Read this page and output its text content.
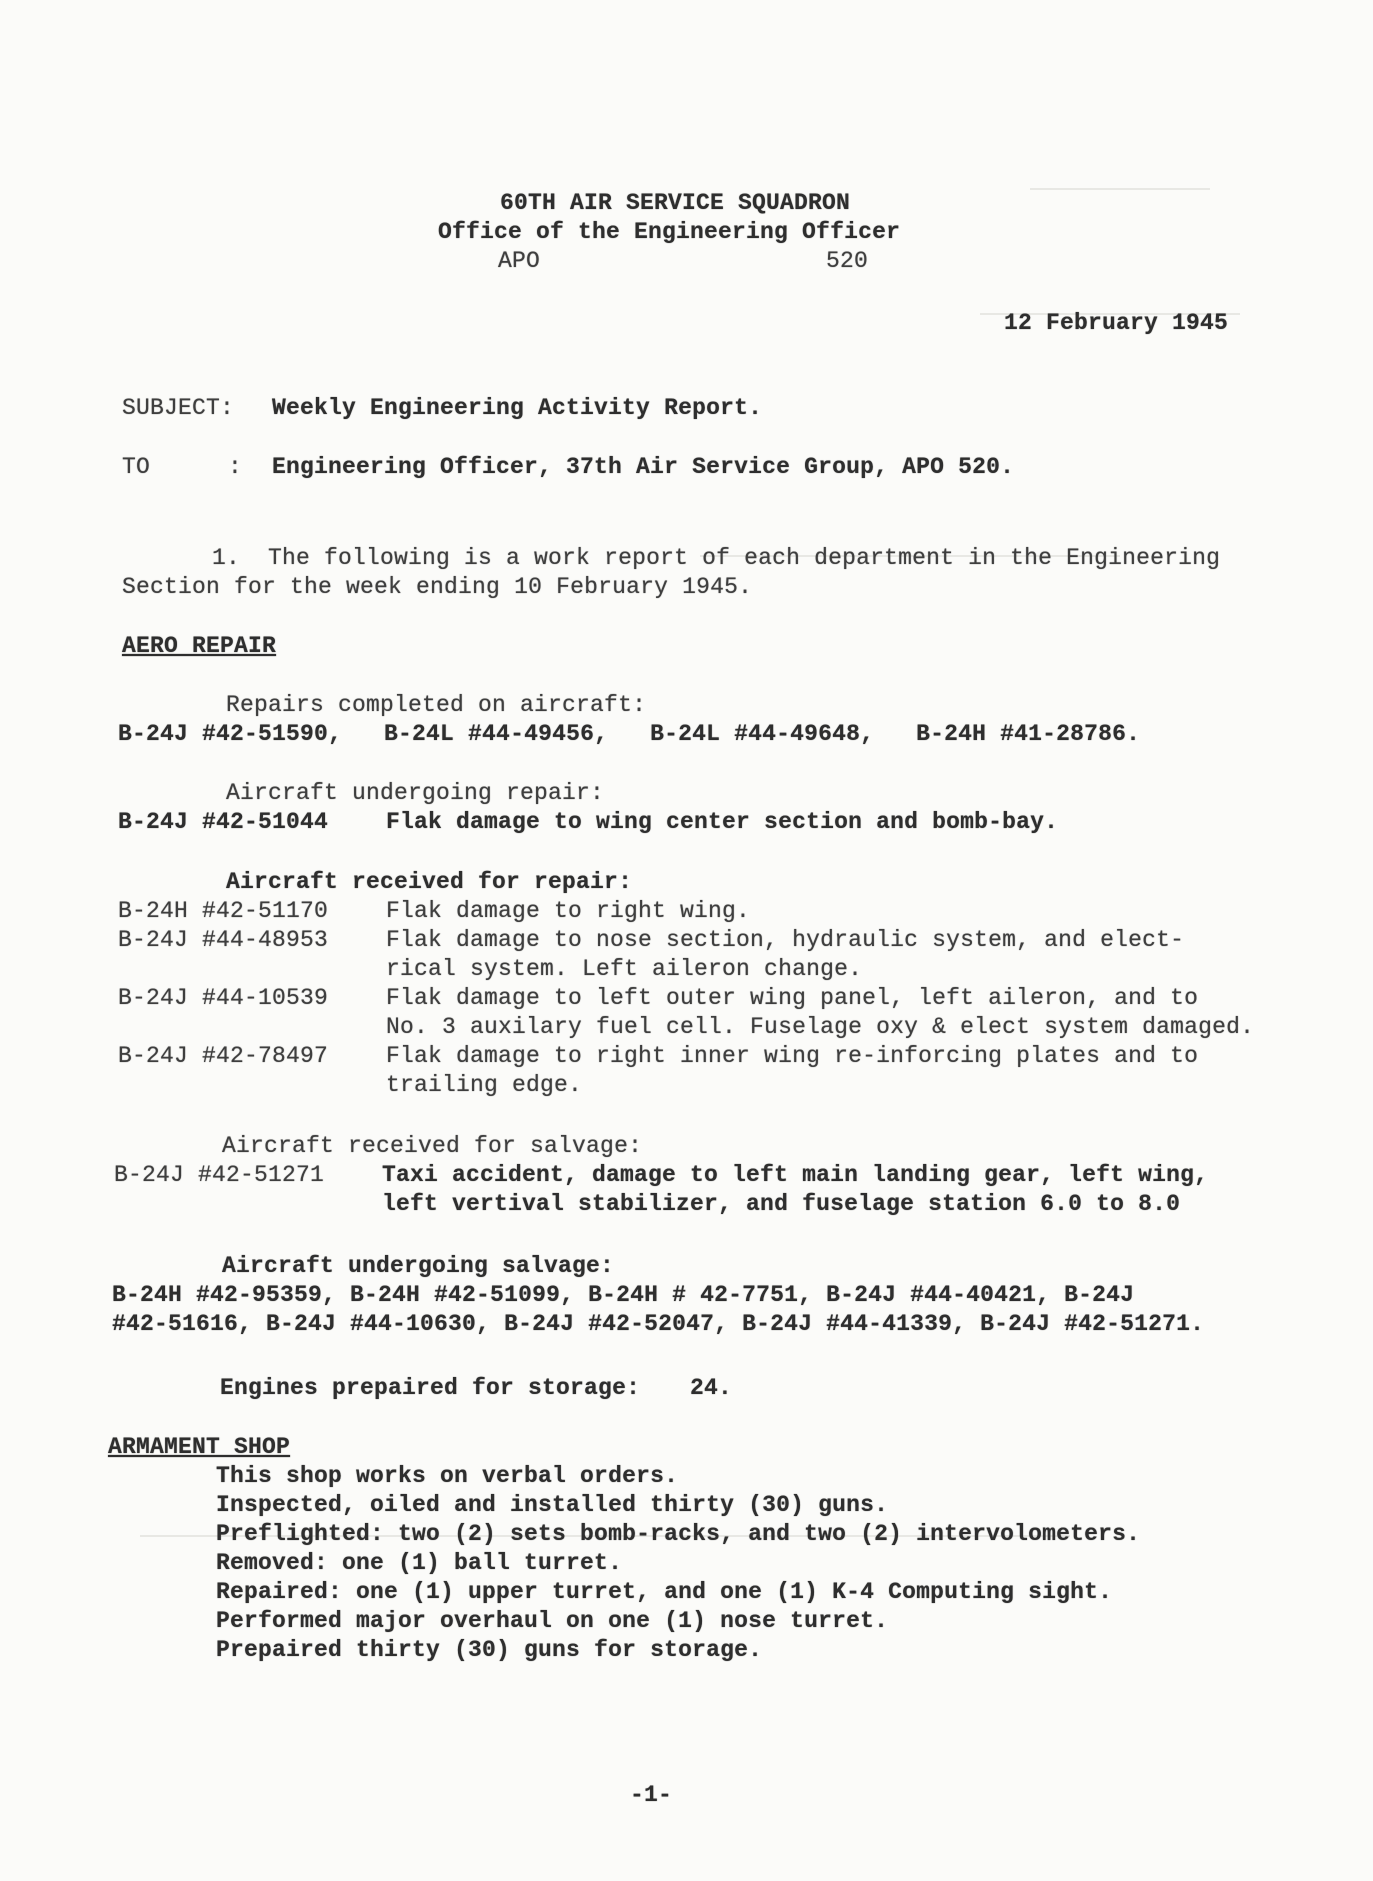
60TH AIR SERVICE SQUADRON
Office of the Engineering Officer
APO	520
12 February 1945
SUBJECT: Weekly Engineering Activity Report.
TO	: Engineering Officer, 37th Air Service Group, APO 520.
1.  The following is a work report of each department in the Engineering
Section for the week ending 10 February 1945.
AERO REPAIR
Repairs completed on aircraft:
B-24J #42-51590,   B-24L #44-49456,   B-24L #44-49648,   B-24H #41-28786.
Aircraft undergoing repair:
B-24J #42-51044	Flak damage to wing center section and bomb-bay.
Aircraft received for repair:
B-24H #42-51170	Flak damage to right wing.
B-24J #44-48953	Flak damage to nose section, hydraulic system, and elect-
rical system. Left aileron change.
B-24J #44-10539	Flak damage to left outer wing panel, left aileron, and to
No. 3 auxilary fuel cell. Fuselage oxy & elect system damaged.
B-24J #42-78497	Flak damage to right inner wing re-inforcing plates and to
trailing edge.
Aircraft received for salvage:
B-24J #42-51271	Taxi accident, damage to left main landing gear, left wing,
left vertival stabilizer, and fuselage station 6.0 to 8.0
Aircraft undergoing salvage:
B-24H #42-95359, B-24H #42-51099, B-24H # 42-7751, B-24J #44-40421, B-24J
#42-51616, B-24J #44-10630, B-24J #42-52047, B-24J #44-41339, B-24J #42-51271.
Engines prepaired for storage: 24.
ARMAMENT SHOP
This shop works on verbal orders.
Inspected, oiled and installed thirty (30) guns.
Preflighted: two (2) sets bomb-racks, and two (2) intervolometers.
Removed: one (1) ball turret.
Repaired: one (1) upper turret, and one (1) K-4 Computing sight.
Performed major overhaul on one (1) nose turret.
Prepaired thirty (30) guns for storage.
-1-
